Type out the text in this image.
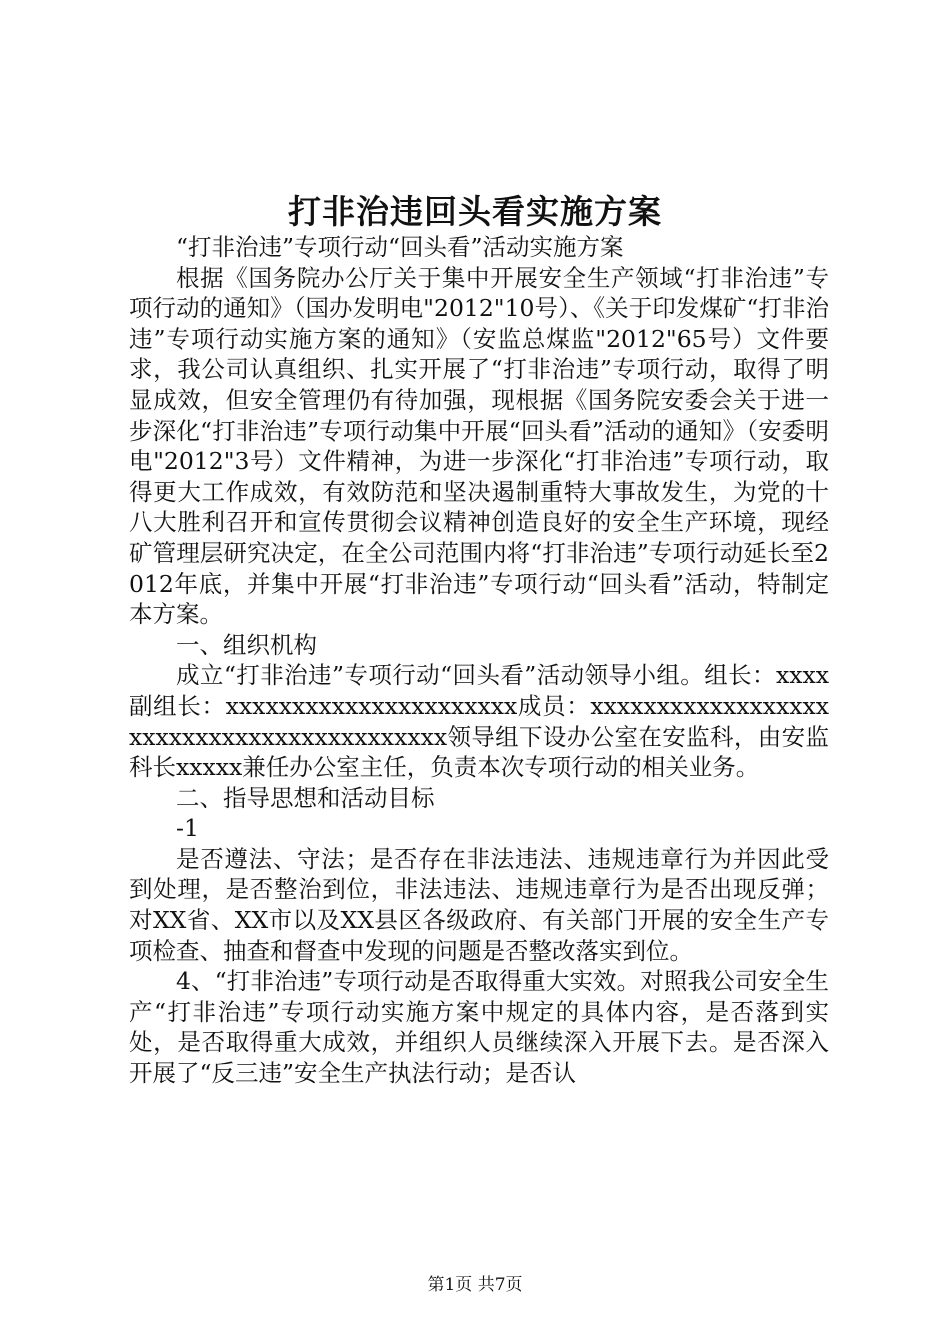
打非治违回头看实施方案

“打非治违”专项行动“回头看”活动实施方案

根据《国务院办公厅关于集中开展安全生产领域“打非治违”专项行动的通知》（国办发明电"2012"10号）、《关于印发煤矿“打非治违”专项行动实施方案的通知》（安监总煤监"2012"65号）文件要求，我公司认真组织、扎实开展了“打非治违”专项行动，取得了明显成效，但安全管理仍有待加强，现根据《国务院安委会关于进一步深化“打非治违”专项行动集中开展“回头看”活动的通知》（安委明电"2012"3号）文件精神，为进一步深化“打非治违”专项行动，取得更大工作成效，有效防范和坚决遏制重特大事故发生，为党的十八大胜利召开和宣传贯彻会议精神创造良好的安全生产环境，现经矿管理层研究决定，在全公司范围内将“打非治违”专项行动延长至2012年底，并集中开展“打非治违”专项行动“回头看”活动，特制定本方案。

一、组织机构

成立“打非治违”专项行动“回头看”活动领导小组。组长：xxxx副组长：xxxxxxxxxxxxxxxxxxxxxx成员：xxxxxxxxxxxxxxxxxxxxxxxxxxxxxxxxxxxxxxxxxx领导组下设办公室在安监科，由安监科长xxxxx兼任办公室主任，负责本次专项行动的相关业务。

二、指导思想和活动目标

-1

是否遵法、守法；是否存在非法违法、违规违章行为并因此受到处理，是否整治到位，非法违法、违规违章行为是否出现反弹；对XX省、XX市以及XX县区各级政府、有关部门开展的安全生产专项检查、抽查和督查中发现的问题是否整改落实到位。

4、“打非治违”专项行动是否取得重大实效。对照我公司安全生产“打非治违”专项行动实施方案中规定的具体内容，是否落到实处，是否取得重大成效，并组织人员继续深入开展下去。是否深入开展了“反三违”安全生产执法行动；是否认

第1页 共7页
